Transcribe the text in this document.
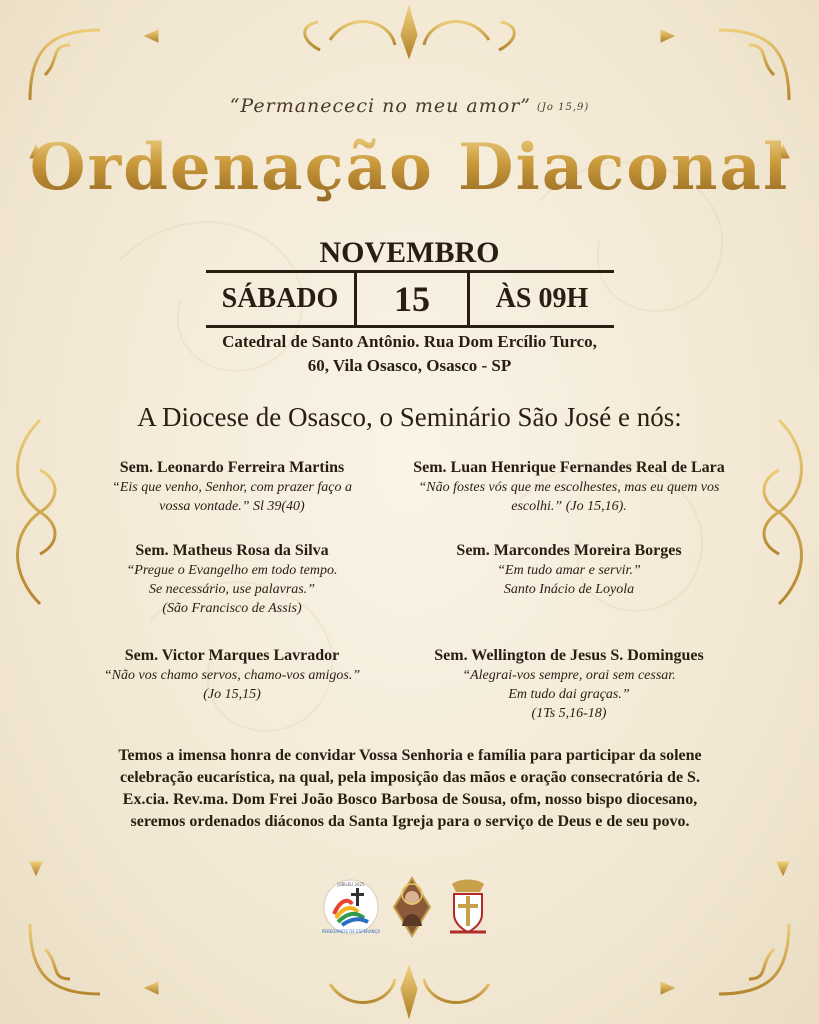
“Permanececi no meu amor” (Jo 15,9)
Ordenação Diaconal
NOVEMBRO
SÁBADO	15	ÀS 09H
Catedral de Santo Antônio. Rua Dom Ercílio Turco,
60, Vila Osasco, Osasco - SP
A Diocese de Osasco, o Seminário São José e nós:
Sem. Leonardo Ferreira Martins
“Eis que venho, Senhor, com prazer faço a
vossa vontade.” Sl 39(40)
Sem. Luan Henrique Fernandes Real de Lara
“Não fostes vós que me escolhestes, mas eu quem vos
escolhi.” (Jo 15,16).
Sem. Matheus Rosa da Silva
“Pregue o Evangelho em todo tempo.
Se necessário, use palavras.”
(São Francisco de Assis)
Sem. Marcondes Moreira Borges
“Em tudo amar e servir.”
Santo Inácio de Loyola
Sem. Victor Marques Lavrador
“Não vos chamo servos, chamo-vos amigos.”
(Jo 15,15)
Sem. Wellington de Jesus S. Domingues
“Alegrai-vos sempre, orai sem cessar.
Em tudo dai graças.”
(1Ts 5,16-18)
Temos a imensa honra de convidar Vossa Senhoria e família para participar da solene celebração eucarística, na qual, pela imposição das mãos e oração consecratória de S. Ex.cia. Rev.ma. Dom Frei João Bosco Barbosa de Sousa, ofm, nosso bispo diocesano, seremos ordenados diáconos da Santa Igreja para o serviço de Deus e de seu povo.
PEREGRINOS DE ESPERANÇA
JUBILEU 2025
